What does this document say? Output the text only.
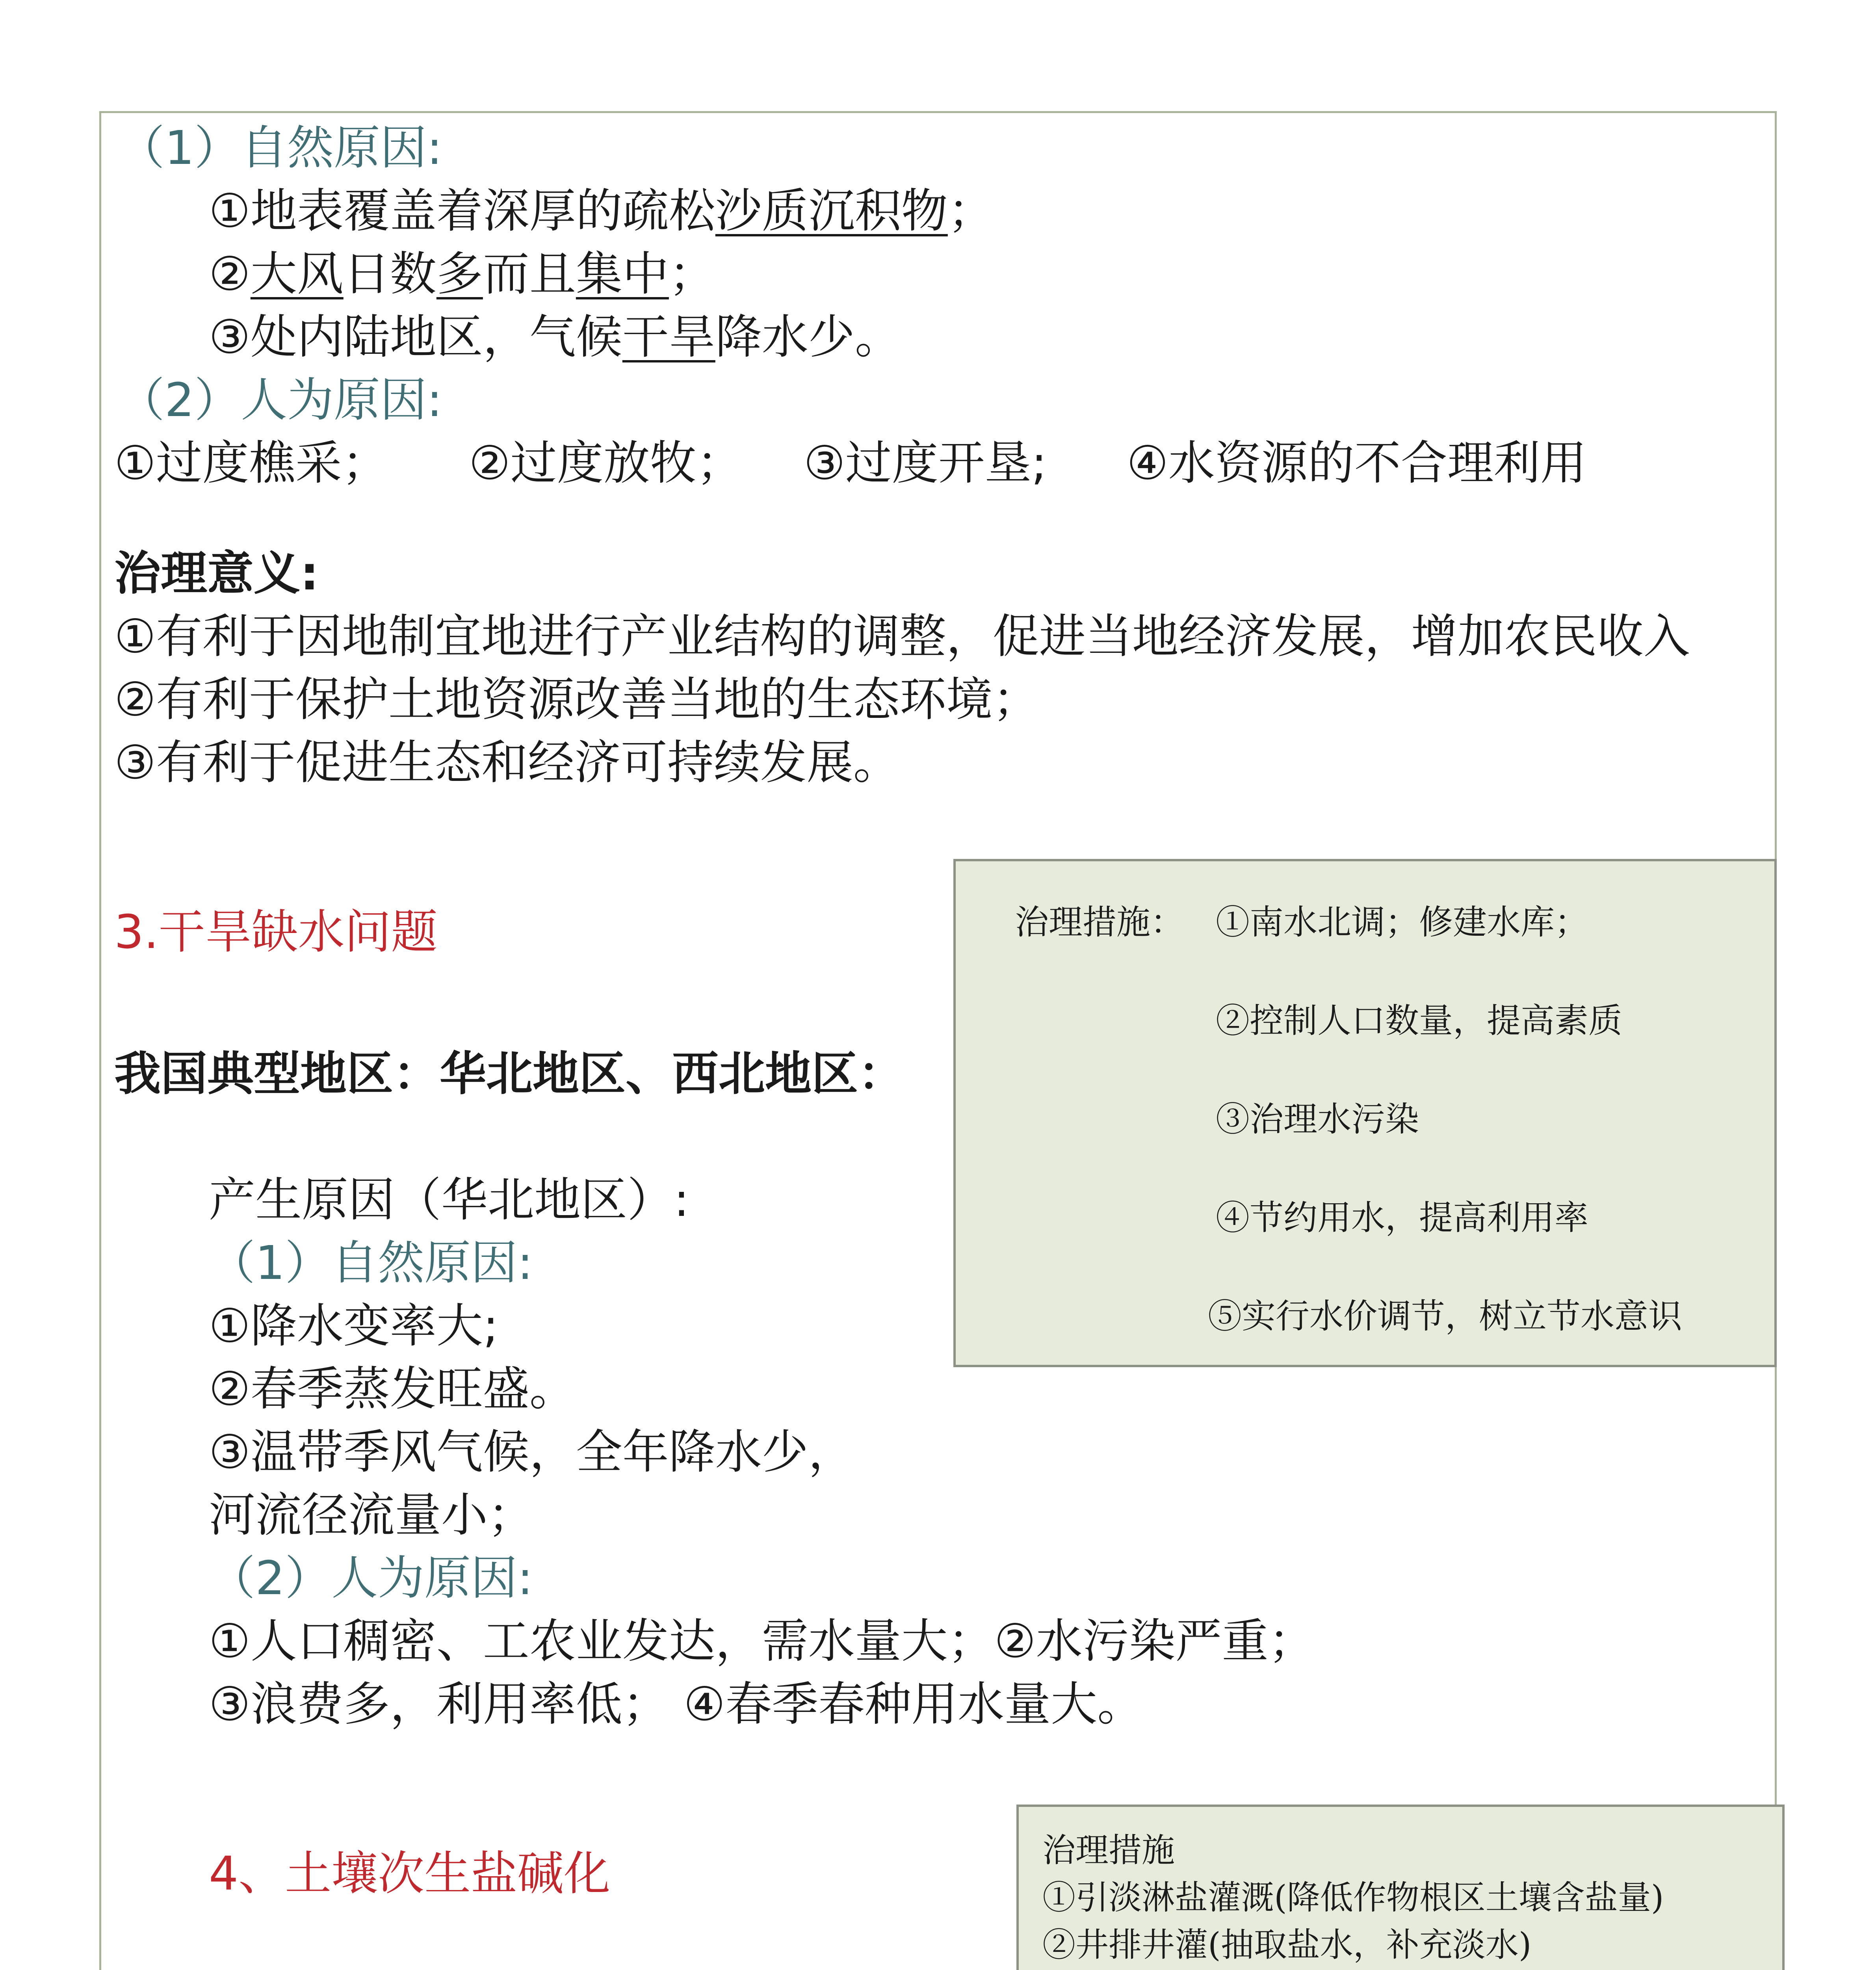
（1）自然原因:
①地表覆盖着深厚的疏松沙质沉积物；
②大风日数多而且集中；
③处内陆地区，气候干旱降水少。
（2）人为原因:
①过度樵采； ②过度放牧； ③过度开垦; ④水资源的不合理利用
治理意义:
①有利于因地制宜地进行产业结构的调整，促进当地经济发展，增加农民收入
②有利于保护土地资源改善当地的生态环境；
③有利于促进生态和经济可持续发展。
3.干旱缺水问题
我国典型地区：华北地区、西北地区：
产生原因（华北地区）:
（1）自然原因:
①降水变率大;
②春季蒸发旺盛。
③温带季风气候，全年降水少，
河流径流量小；
（2）人为原因:
①人口稠密、工农业发达，需水量大；②水污染严重；
③浪费多，利用率低； ④春季春种用水量大。
治理措施： ①南水北调；修建水库；
②控制人口数量，提高素质
③治理水污染
④节约用水，提高利用率
⑤实行水价调节，树立节水意识
4、土壤次生盐碱化	治理措施
①引淡淋盐灌溉(降低作物根区土壤含盐量)
②井排井灌(抽取盐水，补充淡水)
